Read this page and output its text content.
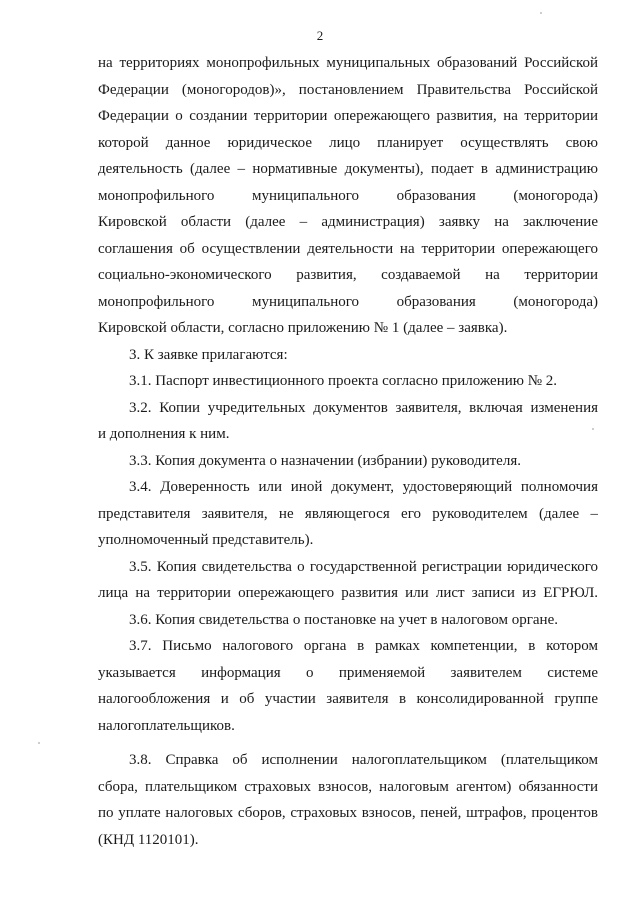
2
на территориях монопрофильных муниципальных образований Российской
Федерации (моногородов)», постановлением Правительства Российской
Федерации о создании территории опережающего развития, на территории
которой данное юридическое лицо планирует осуществлять свою
деятельность (далее – нормативные документы), подает в администрацию
монопрофильного муниципального образования (моногорода)
Кировской области (далее – администрация) заявку на заключение
соглашения об осуществлении деятельности на территории опережающего
социально-экономического развития, создаваемой на территории
монопрофильного муниципального образования (моногорода)
Кировской области, согласно приложению № 1 (далее – заявка).
3. К заявке прилагаются:
3.1. Паспорт инвестиционного проекта согласно приложению № 2.
3.2. Копии учредительных документов заявителя, включая изменения
и дополнения к ним.
3.3. Копия документа о назначении (избрании) руководителя.
3.4. Доверенность или иной документ, удостоверяющий полномочия
представителя заявителя, не являющегося его руководителем (далее –
уполномоченный представитель).
3.5. Копия свидетельства о государственной регистрации юридического
лица на территории опережающего развития или лист записи из ЕГРЮЛ.
3.6. Копия свидетельства о постановке на учет в налоговом органе.
3.7. Письмо налогового органа в рамках компетенции, в котором
указывается информация о применяемой заявителем системе
налогообложения и об участии заявителя в консолидированной группе
налогоплательщиков.
3.8. Справка об исполнении налогоплательщиком (плательщиком
сбора, плательщиком страховых взносов, налоговым агентом) обязанности
по уплате налоговых сборов, страховых взносов, пеней, штрафов, процентов
(КНД 1120101).
